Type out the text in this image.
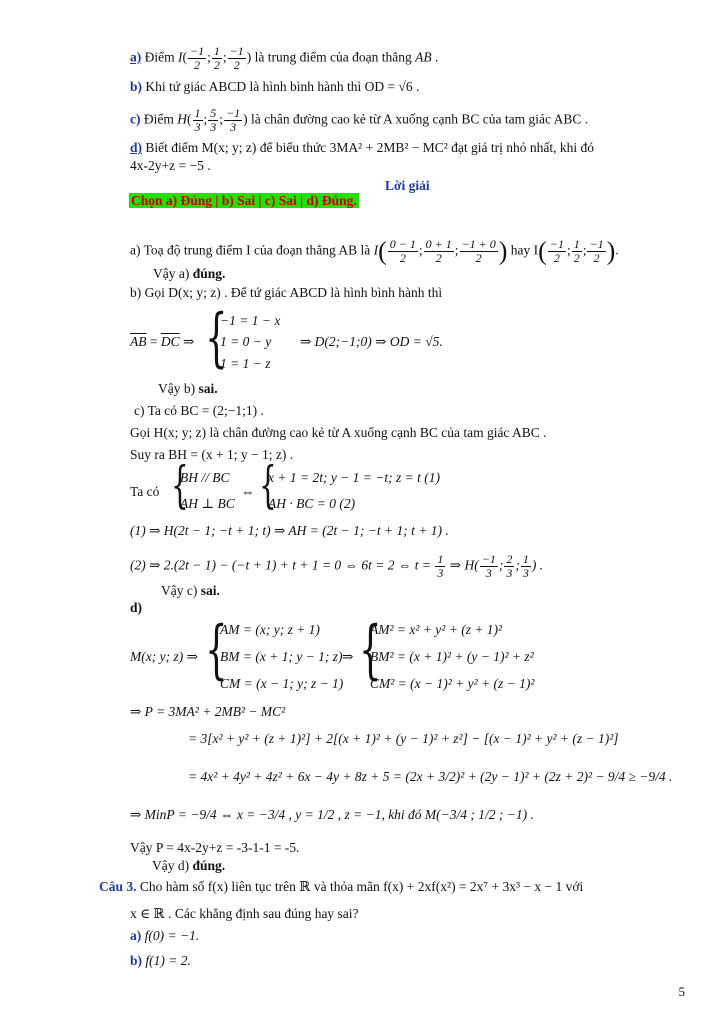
a) Điểm $I( \frac{-1}{2}$ ; $\frac{1}{2}$ ; $\frac{-1}{2}$ ) là trung điểm của đoạn thẳng AB .
b) Khi tứ giác ABCD là hình bình hành thì OD = √6 .
c) Điểm $H( \frac{1}{3}$ ; $\frac{5}{3}$ ; $\frac{-1}{3}$ ) là chân đường cao kẻ từ A xuống cạnh BC của tam giác ABC .
d) Biết điểm M(x; y; z) để biểu thức 3MA² + 2MB² − MC² đạt giá trị nhỏ nhất, khi đó
4x-2y+z = −5 .
Lời giải
Chọn a) Đúng | b) Sai | c) Sai | d) Đúng.
a) Toạ độ trung điểm I của đoạn thẳng AB là $I( \frac{0 - 1}{2}$ ; $\frac{0 + 1}{2}$ ; $\frac{-1 + 0}{2}$ ) hay $I( \frac{-1}{2}$ ; $\frac{1}{2}$ ; $\frac{-1}{2}$ ).
Vậy a) đúng.
b) Gọi D(x; y; z) . Để tứ giác ABCD là hình bình hành thì
$\overline{AB} = \overline{DC}$ ⇒ {
−1 = 1 − x
1 = 0 − y
1 = 1 − z
⇒ D(2;−1;0) ⇒ OD = √5.
Vậy b) sai.
c) Ta có BC = (2;−1;1) .
Gọi H(x; y; z) là chân đường cao kẻ từ A xuống cạnh BC của tam giác ABC .
Suy ra BH = (x + 1; y − 1; z) .
Ta có {
BH // BC
AH ⊥ BC
⇔ {
x + 1 = 2t; y − 1 = −t; z = t (1)
AH · BC = 0 (2)
(1) ⇒ H(2t − 1; −t + 1; t) ⇒ AH = (2t − 1; −t + 1; t + 1) .
(2) ⇒ 2.(2t − 1) − (−t + 1) + t + 1 = 0 ⇔ 6t = 2 ⇔ $t = \frac{1}{3}$ ⇒ $H( \frac{-1}{3}$ ; $\frac{2}{3}$ ; $\frac{1}{3}$ ) .
Vậy c) sai.
d)
M(x; y; z) ⇒ {
AM = (x; y; z + 1)
BM = (x + 1; y − 1; z)
CM = (x − 1; y; z − 1)
⇒ {
AM² = x² + y² + (z + 1)²
BM² = (x + 1)² + (y − 1)² + z²
CM² = (x − 1)² + y² + (z − 1)²
⇒ P = 3MA² + 2MB² − MC²
= 3[x² + y² + (z + 1)²] + 2[(x + 1)² + (y − 1)² + z²] − [(x − 1)² + y² + (z − 1)²]
= 4x² + 4y² + 4z² + 6x − 4y + 8z + 5 = (2x + 3/2)² + (2y − 1)² + (2z + 2)² − 9/4 ≥ −9/4 .
⇒ MinP = −9/4 ⇔ x = −3/4 , y = 1/2 , z = −1, khi đó M(−3/4 ; 1/2 ; −1) .
Vậy P = 4x-2y+z = -3-1-1 = -5.
Vậy d) đúng.
Câu 3. Cho hàm số f(x) liên tục trên ℝ và thỏa mãn f(x) + 2xf(x²) = 2x⁷ + 3x³ − x − 1 với
x ∈ ℝ . Các khẳng định sau đúng hay sai?
a) f(0) = −1.
b) f(1) = 2.
5
